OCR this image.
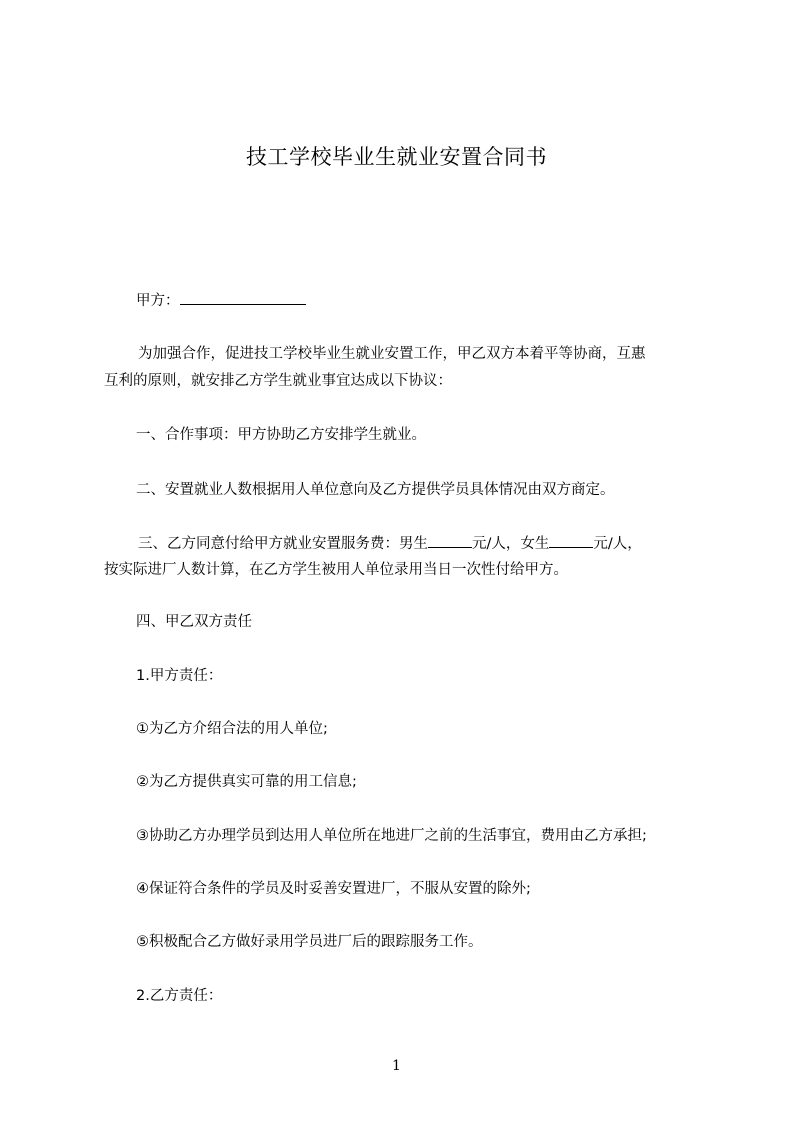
技工学校毕业生就业安置合同书
甲方：
为加强合作，促进技工学校毕业生就业安置工作，甲乙双方本着平等协商，互惠
互利的原则，就安排乙方学生就业事宜达成以下协议：
一、合作事项：甲方协助乙方安排学生就业。
二、安置就业人数根据用人单位意向及乙方提供学员具体情况由双方商定。
三、乙方同意付给甲方就业安置服务费：男生	元/人，女生	元/人，
按实际进厂人数计算，在乙方学生被用人单位录用当日一次性付给甲方。
四、甲乙双方责任
1.甲方责任：
①为乙方介绍合法的用人单位;
②为乙方提供真实可靠的用工信息;
③协助乙方办理学员到达用人单位所在地进厂之前的生活事宜，费用由乙方承担;
④保证符合条件的学员及时妥善安置进厂，不服从安置的除外;
⑤积极配合乙方做好录用学员进厂后的跟踪服务工作。
2.乙方责任：
1
